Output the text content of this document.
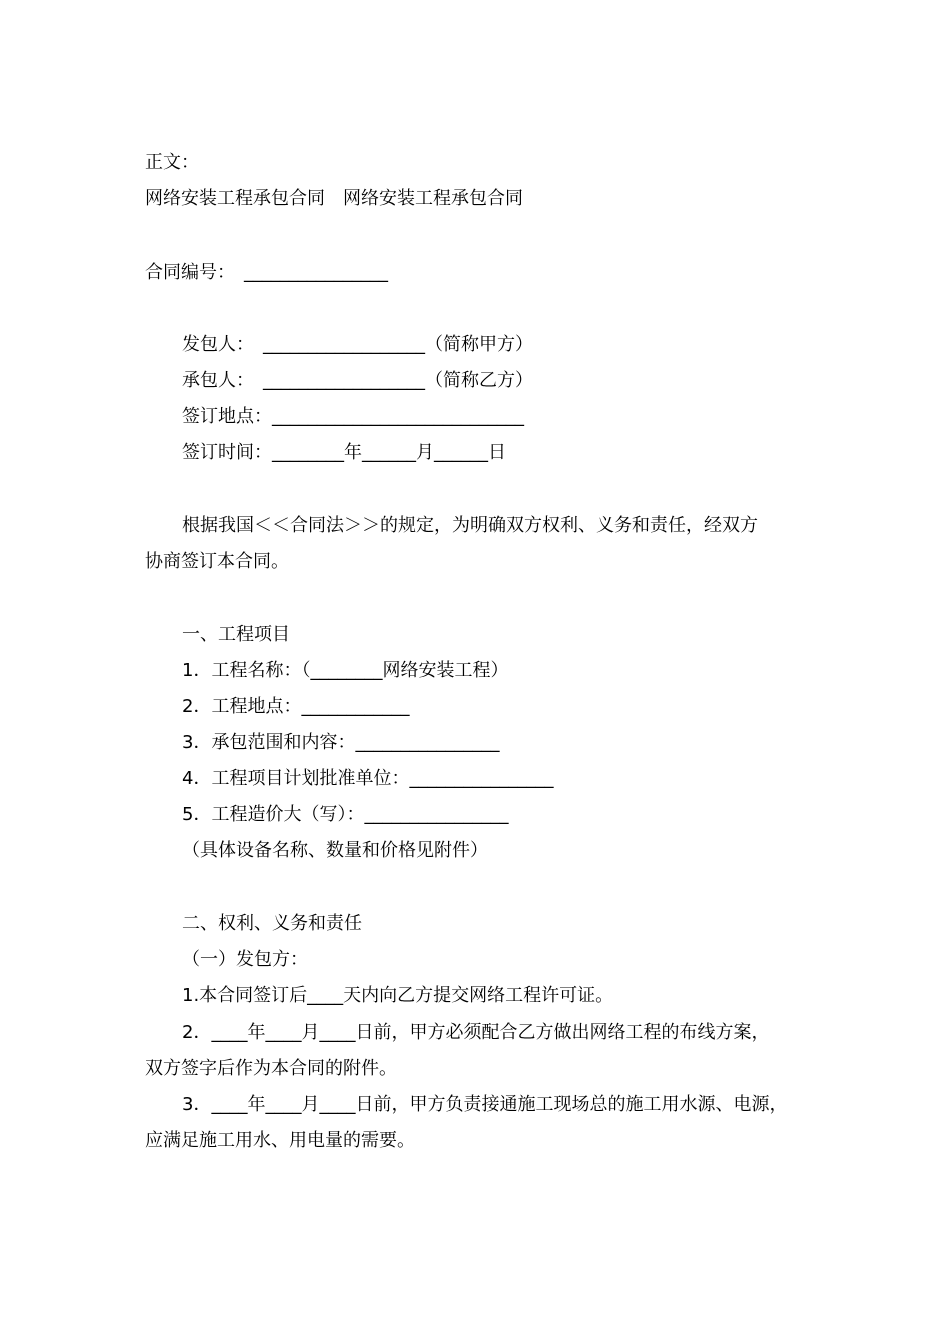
正文：
网络安装工程承包合同　网络安装工程承包合同
合同编号：　________________
发包人：　__________________（简称甲方）
承包人：　__________________（简称乙方）
签订地点：____________________________
签订时间：________年______月______日
根据我国＜＜合同法＞＞的规定，为明确双方权利、义务和责任，经双方
协商签订本合同。
一、工程项目
1．工程名称：（________网络安装工程）
2．工程地点：____________
3．承包范围和内容：________________
4．工程项目计划批准单位：________________
5．工程造价大（写）：________________
（具体设备名称、数量和价格见附件）
二、权利、义务和责任
（一）发包方：
1.本合同签订后____天内向乙方提交网络工程许可证。
2．____年____月____日前，甲方必须配合乙方做出网络工程的布线方案，
双方签字后作为本合同的附件。
3．____年____月____日前，甲方负责接通施工现场总的施工用水源、电源，
应满足施工用水、用电量的需要。
